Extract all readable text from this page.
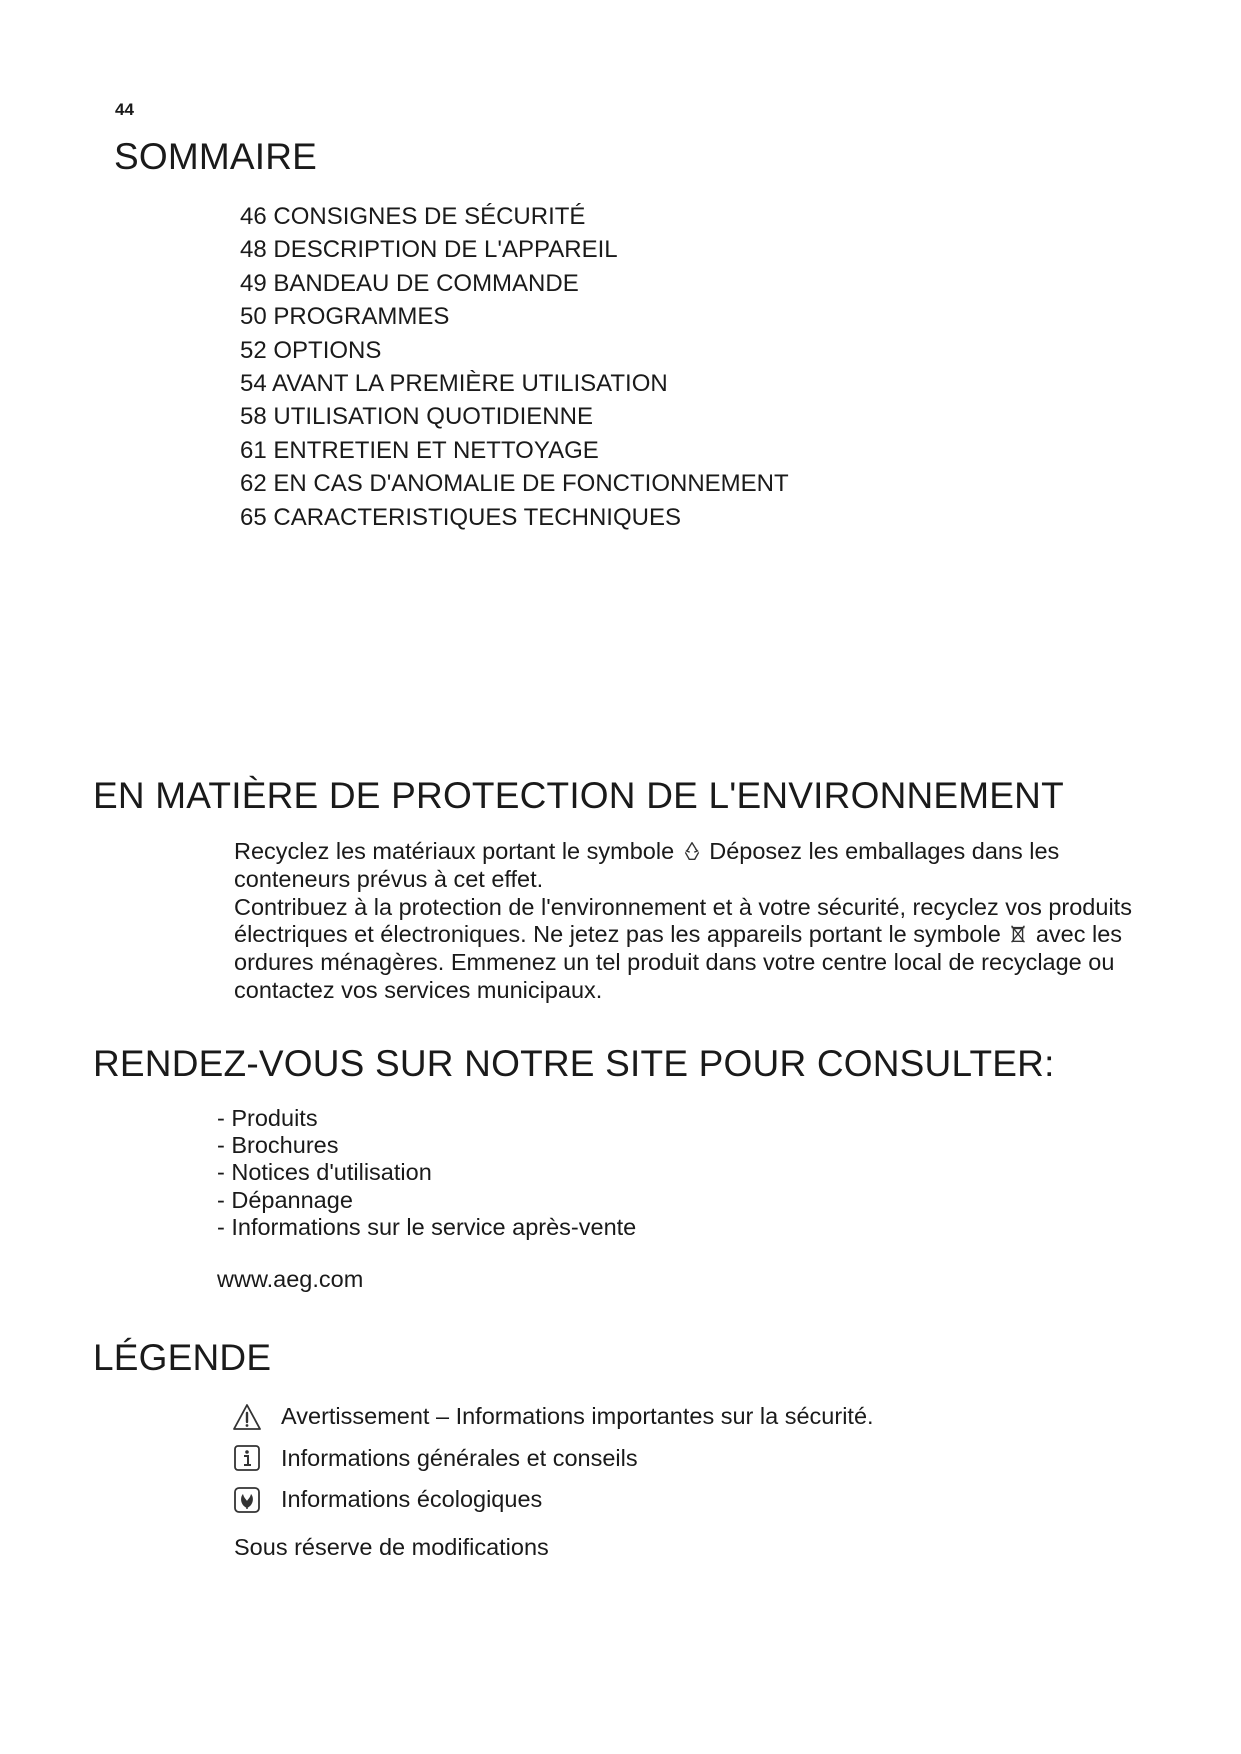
44
SOMMAIRE
46 CONSIGNES DE SÉCURITÉ
48 DESCRIPTION DE L'APPAREIL
49 BANDEAU DE COMMANDE
50 PROGRAMMES
52 OPTIONS
54 AVANT LA PREMIÈRE UTILISATION
58 UTILISATION QUOTIDIENNE
61 ENTRETIEN ET NETTOYAGE
62 EN CAS D'ANOMALIE DE FONCTIONNEMENT
65 CARACTERISTIQUES TECHNIQUES
EN MATIÈRE DE PROTECTION DE L'ENVIRONNEMENT

Recyclez les matériaux portant le symbole Déposez les emballages dans les conteneurs prévus à cet effet.

Contribuez à la protection de l'environnement et à votre sécurité, recyclez vos produits électriques et électroniques. Ne jetez pas les appareils portant le symbole avec les ordures ménagères. Emmenez un tel produit dans votre centre local de recyclage ou contactez vos services municipaux.

RENDEZ-VOUS SUR NOTRE SITE POUR CONSULTER:
- Produits
- Brochures
- Notices d'utilisation
- Dépannage
- Informations sur le service après-vente
www.aeg.com
LÉGENDE
Avertissement – Informations importantes sur la sécurité.
Informations générales et conseils
Informations écologiques
Sous réserve de modifications
